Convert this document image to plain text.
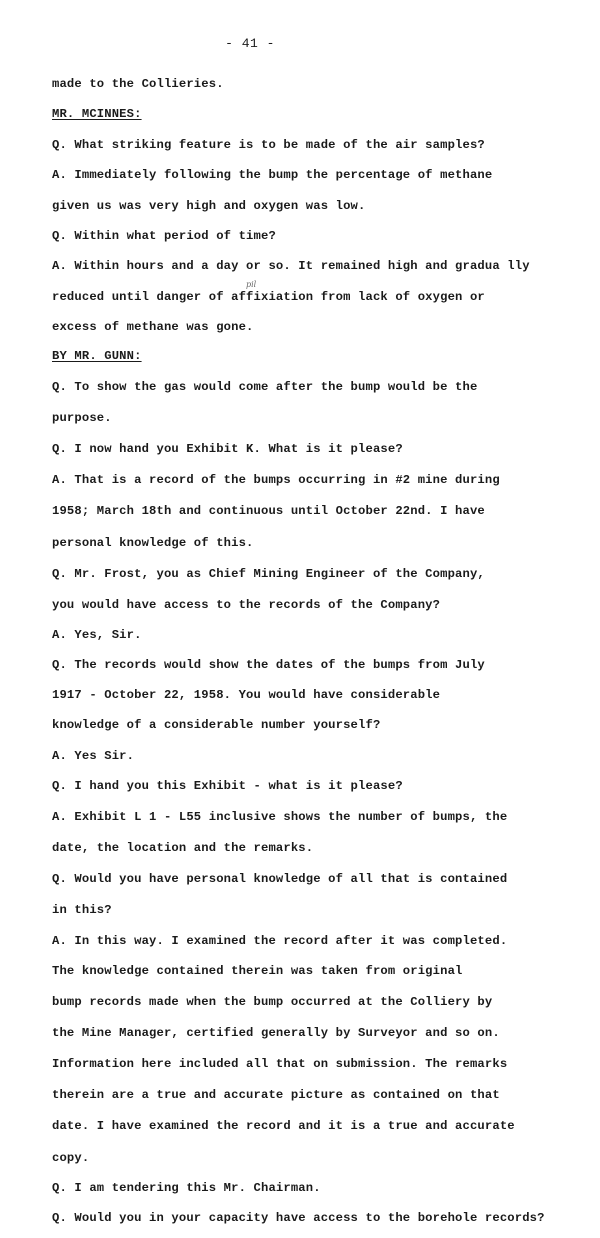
- 41 -
pil
made to the Collieries.
MR. MCINNES:
Q. What striking feature is to be made of the air samples?
A. Immediately following the bump the percentage of methane
given us was very high and oxygen was low.
Q. Within what period of time?
A. Within hours and a day or so. It remained high and gradua lly
reduced until danger of affixiation from lack of oxygen or
excess of methane was gone.
BY MR. GUNN:
Q. To show the gas would come after the bump would be the
purpose.
Q. I now hand you Exhibit K. What is it please?
A. That is a record of the bumps occurring in #2 mine during
1958; March 18th and continuous until October 22nd. I have
personal knowledge of this.
Q. Mr. Frost, you as Chief Mining Engineer of the Company,
you would have access to the records of the Company?
A. Yes, Sir.
Q. The records would show the dates of the bumps from July
1917 - October 22, 1958. You would have considerable
knowledge of a considerable number yourself?
A. Yes Sir.
Q. I hand you this Exhibit - what is it please?
A. Exhibit L 1 - L55 inclusive shows the number of bumps, the
date, the location and the remarks.
Q. Would you have personal knowledge of all that is contained
in this?
A. In this way. I examined the record after it was completed.
The knowledge contained therein was taken from original
bump records made when the bump occurred at the Colliery by
the Mine Manager, certified generally by Surveyor and so on.
Information here included all that on submission. The remarks
therein are a true and accurate picture as contained on that
date. I have examined the record and it is a true and accurate
copy.
Q. I am tendering this Mr. Chairman.
Q. Would you in your capacity have access to the borehole records?
